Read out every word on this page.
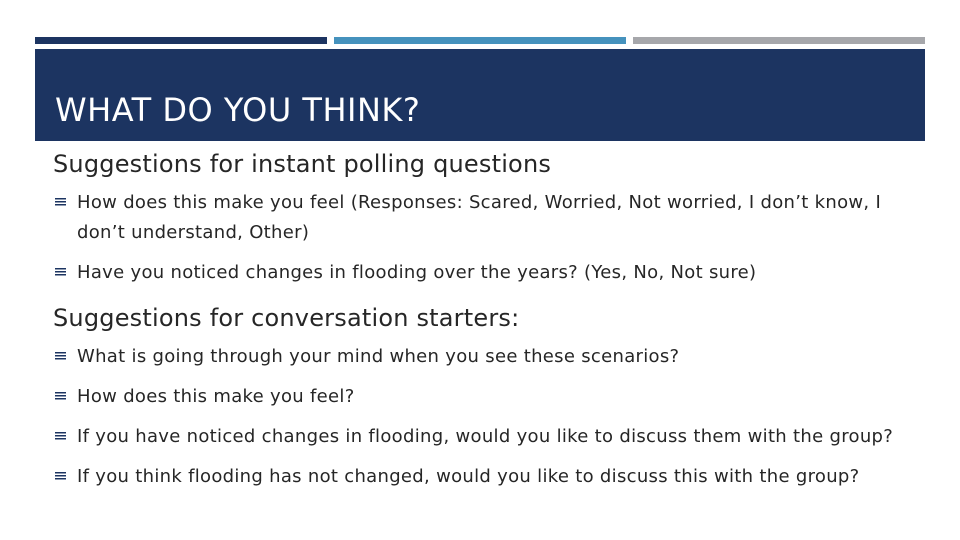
WHAT DO YOU THINK?
Suggestions for instant polling questions
How does this make you feel (Responses: Scared, Worried, Not worried, I don’t know, I don’t understand, Other)
Have you noticed changes in flooding over the years? (Yes, No, Not sure)
Suggestions for conversation starters:
What is going through your mind when you see these scenarios?
How does this make you feel?
If you have noticed changes in flooding, would you like to discuss them with the group?
If you think flooding has not changed, would you like to discuss this with the group?
